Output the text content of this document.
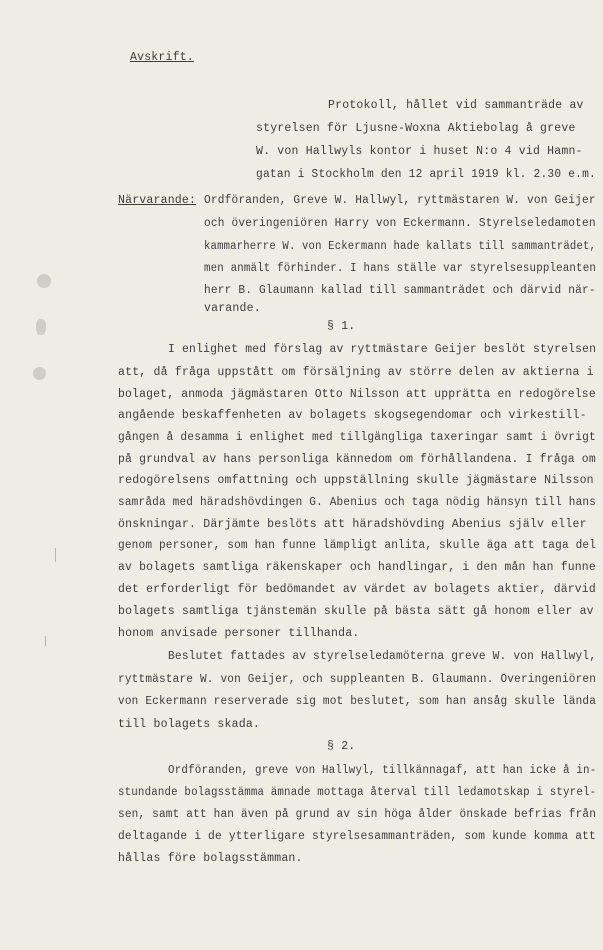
Avskrift.
Protokoll, hållet vid sammanträde av
styrelsen för Ljusne-Woxna Aktiebolag å greve
W. von Hallwyls kontor i huset N:o 4 vid Hamn-
gatan i Stockholm den 12 april 1919 kl. 2.30 e.m.
Närvarande: Ordföranden, Greve W. Hallwyl, ryttmästaren W. von Geijer
och överingeniören Harry von Eckermann. Styrelseledamoten
kammarherre W. von Eckermann hade kallats till sammanträdet,
men anmält förhinder. I hans ställe var styrelsesuppleanten
herr B. Glaumann kallad till sammanträdet och därvid när-
varande.
§ 1.
I enlighet med förslag av ryttmästare Geijer beslöt styrelsen
att, då fråga uppstått om försäljning av större delen av aktierna i
bolaget, anmoda jägmästaren Otto Nilsson att upprätta en redogörelse
angående beskaffenheten av bolagets skogsegendomar och virkestill-
gången å desamma i enlighet med tillgängliga taxeringar samt i övrigt
på grundval av hans personliga kännedom om förhållandena. I fråga om
redogörelsens omfattning och uppställning skulle jägmästare Nilsson
samråda med häradshövdingen G. Abenius och taga nödig hänsyn till hans
önskningar. Därjämte beslöts att häradshövding Abenius själv eller
genom personer, som han funne lämpligt anlita, skulle äga att taga del
av bolagets samtliga räkenskaper och handlingar, i den mån han funne
det erforderligt för bedömandet av värdet av bolagets aktier, därvid
bolagets samtliga tjänstemän skulle på bästa sätt gå honom eller av
honom anvisade personer tillhanda.
Beslutet fattades av styrelseledamöterna greve W. von Hallwyl,
ryttmästare W. von Geijer, och suppleanten B. Glaumann. Överingeniören
von Eckermann reserverade sig mot beslutet, som han ansåg skulle lända
till bolagets skada.
§ 2.
Ordföranden, greve von Hallwyl, tillkännagaf, att han icke å in-
stundande bolagsstämma ämnade mottaga återval till ledamotskap i styrel-
sen, samt att han även på grund av sin höga ålder önskade befrias från
deltagande i de ytterligare styrelsesammanträden, som kunde komma att
hållas före bolagsstämman.
